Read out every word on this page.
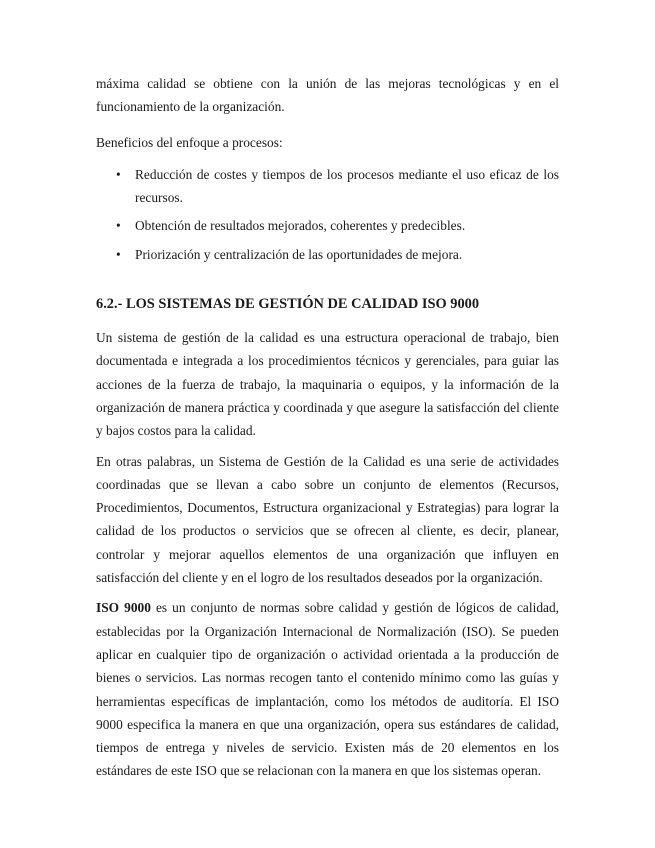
máxima calidad se obtiene con la unión de las mejoras tecnológicas y en el funcionamiento de la organización.

Beneficios del enfoque a procesos:

• Reducción de costes y tiempos de los procesos mediante el uso eficaz de los recursos.
• Obtención de resultados mejorados, coherentes y predecibles.
• Priorización y centralización de las oportunidades de mejora.
6.2.- LOS SISTEMAS DE GESTIÓN DE CALIDAD ISO 9000

Un sistema de gestión de la calidad es una estructura operacional de trabajo, bien documentada e integrada a los procedimientos técnicos y gerenciales, para guiar las acciones de la fuerza de trabajo, la maquinaria o equipos, y la información de la organización de manera práctica y coordinada y que asegure la satisfacción del cliente y bajos costos para la calidad.

En otras palabras, un Sistema de Gestión de la Calidad es una serie de actividades coordinadas que se llevan a cabo sobre un conjunto de elementos (Recursos, Procedimientos, Documentos, Estructura organizacional y Estrategias) para lograr la calidad de los productos o servicios que se ofrecen al cliente, es decir, planear, controlar y mejorar aquellos elementos de una organización que influyen en satisfacción del cliente y en el logro de los resultados deseados por la organización.

ISO 9000 es un conjunto de normas sobre calidad y gestión de lógicos de calidad, establecidas por la Organización Internacional de Normalización (ISO). Se pueden aplicar en cualquier tipo de organización o actividad orientada a la producción de bienes o servicios. Las normas recogen tanto el contenido mínimo como las guías y herramientas específicas de implantación, como los métodos de auditoría. El ISO 9000 especifica la manera en que una organización, opera sus estándares de calidad, tiempos de entrega y niveles de servicio. Existen más de 20 elementos en los estándares de este ISO que se relacionan con la manera en que los sistemas operan.
